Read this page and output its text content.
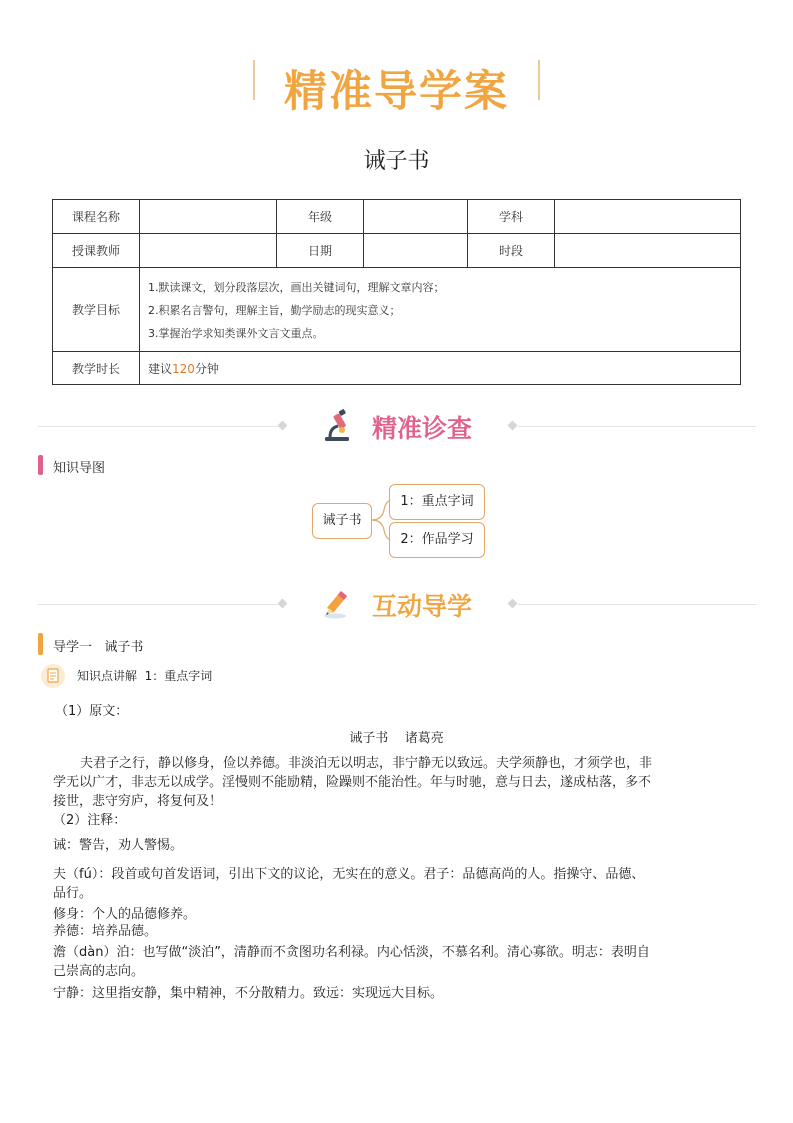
精准导学案
诫子书
课程名称		年级		学科	
授课教师		日期		时段	
教学目标	1.默读课文，划分段落层次，画出关键词句，理解文章内容；
2.积累名言警句，理解主旨，勤学励志的现实意义；
3.掌握治学求知类课外文言文重点。				

教学时长	建议120分钟				
精准诊查
知识导图
诫子书
1：重点字词
2：作品学习
互动导学
导学一   诫子书
知识点讲解  1：重点字词
（1）原文：
诫子书    诸葛亮
夫君子之行，静以修身，俭以养德。非淡泊无以明志，非宁静无以致远。夫学须静也，才须学也，非
学无以广才，非志无以成学。淫慢则不能励精，险躁则不能治性。年与时驰，意与日去，遂成枯落，多不
接世，悲守穷庐，将复何及！
（2）注释：
诫：警告，劝人警惕。
夫（fú）：段首或句首发语词，引出下文的议论，无实在的意义。君子：品德高尚的人。指操守、品德、
品行。
修身：个人的品德修养。
养德：培养品德。
澹（dàn）泊：也写做“淡泊”，清静而不贪图功名利禄。内心恬淡，不慕名利。清心寡欲。明志：表明自
己崇高的志向。
宁静：这里指安静，集中精神，不分散精力。致远：实现远大目标。
